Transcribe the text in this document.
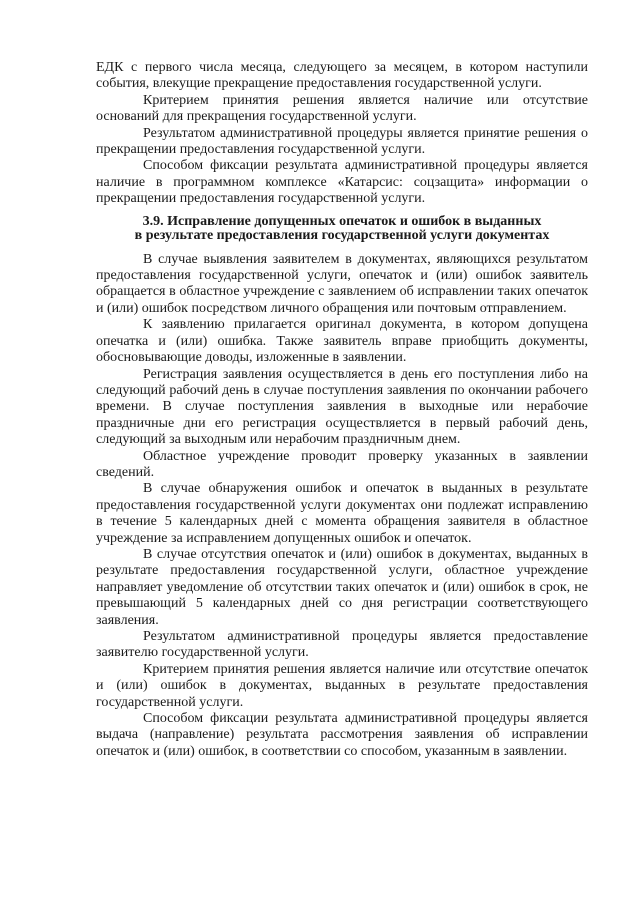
ЕДК с первого числа месяца, следующего за месяцем, в котором наступили события, влекущие прекращение предоставления государственной услуги.

Критерием принятия решения является наличие или отсутствие оснований для прекращения государственной услуги.

Результатом административной процедуры является принятие решения о прекращении предоставления государственной услуги.

Способом фиксации результата административной процедуры является наличие в программном комплексе «Катарсис: соцзащита» информации о прекращении предоставления государственной услуги.

3.9. Исправление допущенных опечаток и ошибок в выданных
в результате предоставления государственной услуги документах

В случае выявления заявителем в документах, являющихся результатом предоставления государственной услуги, опечаток и (или) ошибок заявитель обращается в областное учреждение с заявлением об исправлении таких опечаток и (или) ошибок посредством личного обращения или почтовым отправлением.

К заявлению прилагается оригинал документа, в котором допущена опечатка и (или) ошибка. Также заявитель вправе приобщить документы, обосновывающие доводы, изложенные в заявлении.

Регистрация заявления осуществляется в день его поступления либо на следующий рабочий день в случае поступления заявления по окончании рабочего времени. В случае поступления заявления в выходные или нерабочие праздничные дни его регистрация осуществляется в первый рабочий день, следующий за выходным или нерабочим праздничным днем.

Областное учреждение проводит проверку указанных в заявлении сведений.

В случае обнаружения ошибок и опечаток в выданных в результате предоставления государственной услуги документах они подлежат исправлению в течение 5 календарных дней с момента обращения заявителя в областное учреждение за исправлением допущенных ошибок и опечаток.

В случае отсутствия опечаток и (или) ошибок в документах, выданных в результате предоставления государственной услуги, областное учреждение направляет уведомление об отсутствии таких опечаток и (или) ошибок в срок, не превышающий 5 календарных дней со дня регистрации соответствующего заявления.

Результатом административной процедуры является предоставление заявителю государственной услуги.

Критерием принятия решения является наличие или отсутствие опечаток и (или) ошибок в документах, выданных в результате предоставления государственной услуги.

Способом фиксации результата административной процедуры является выдача (направление) результата рассмотрения заявления об исправлении опечаток и (или) ошибок, в соответствии со способом, указанным в заявлении.
